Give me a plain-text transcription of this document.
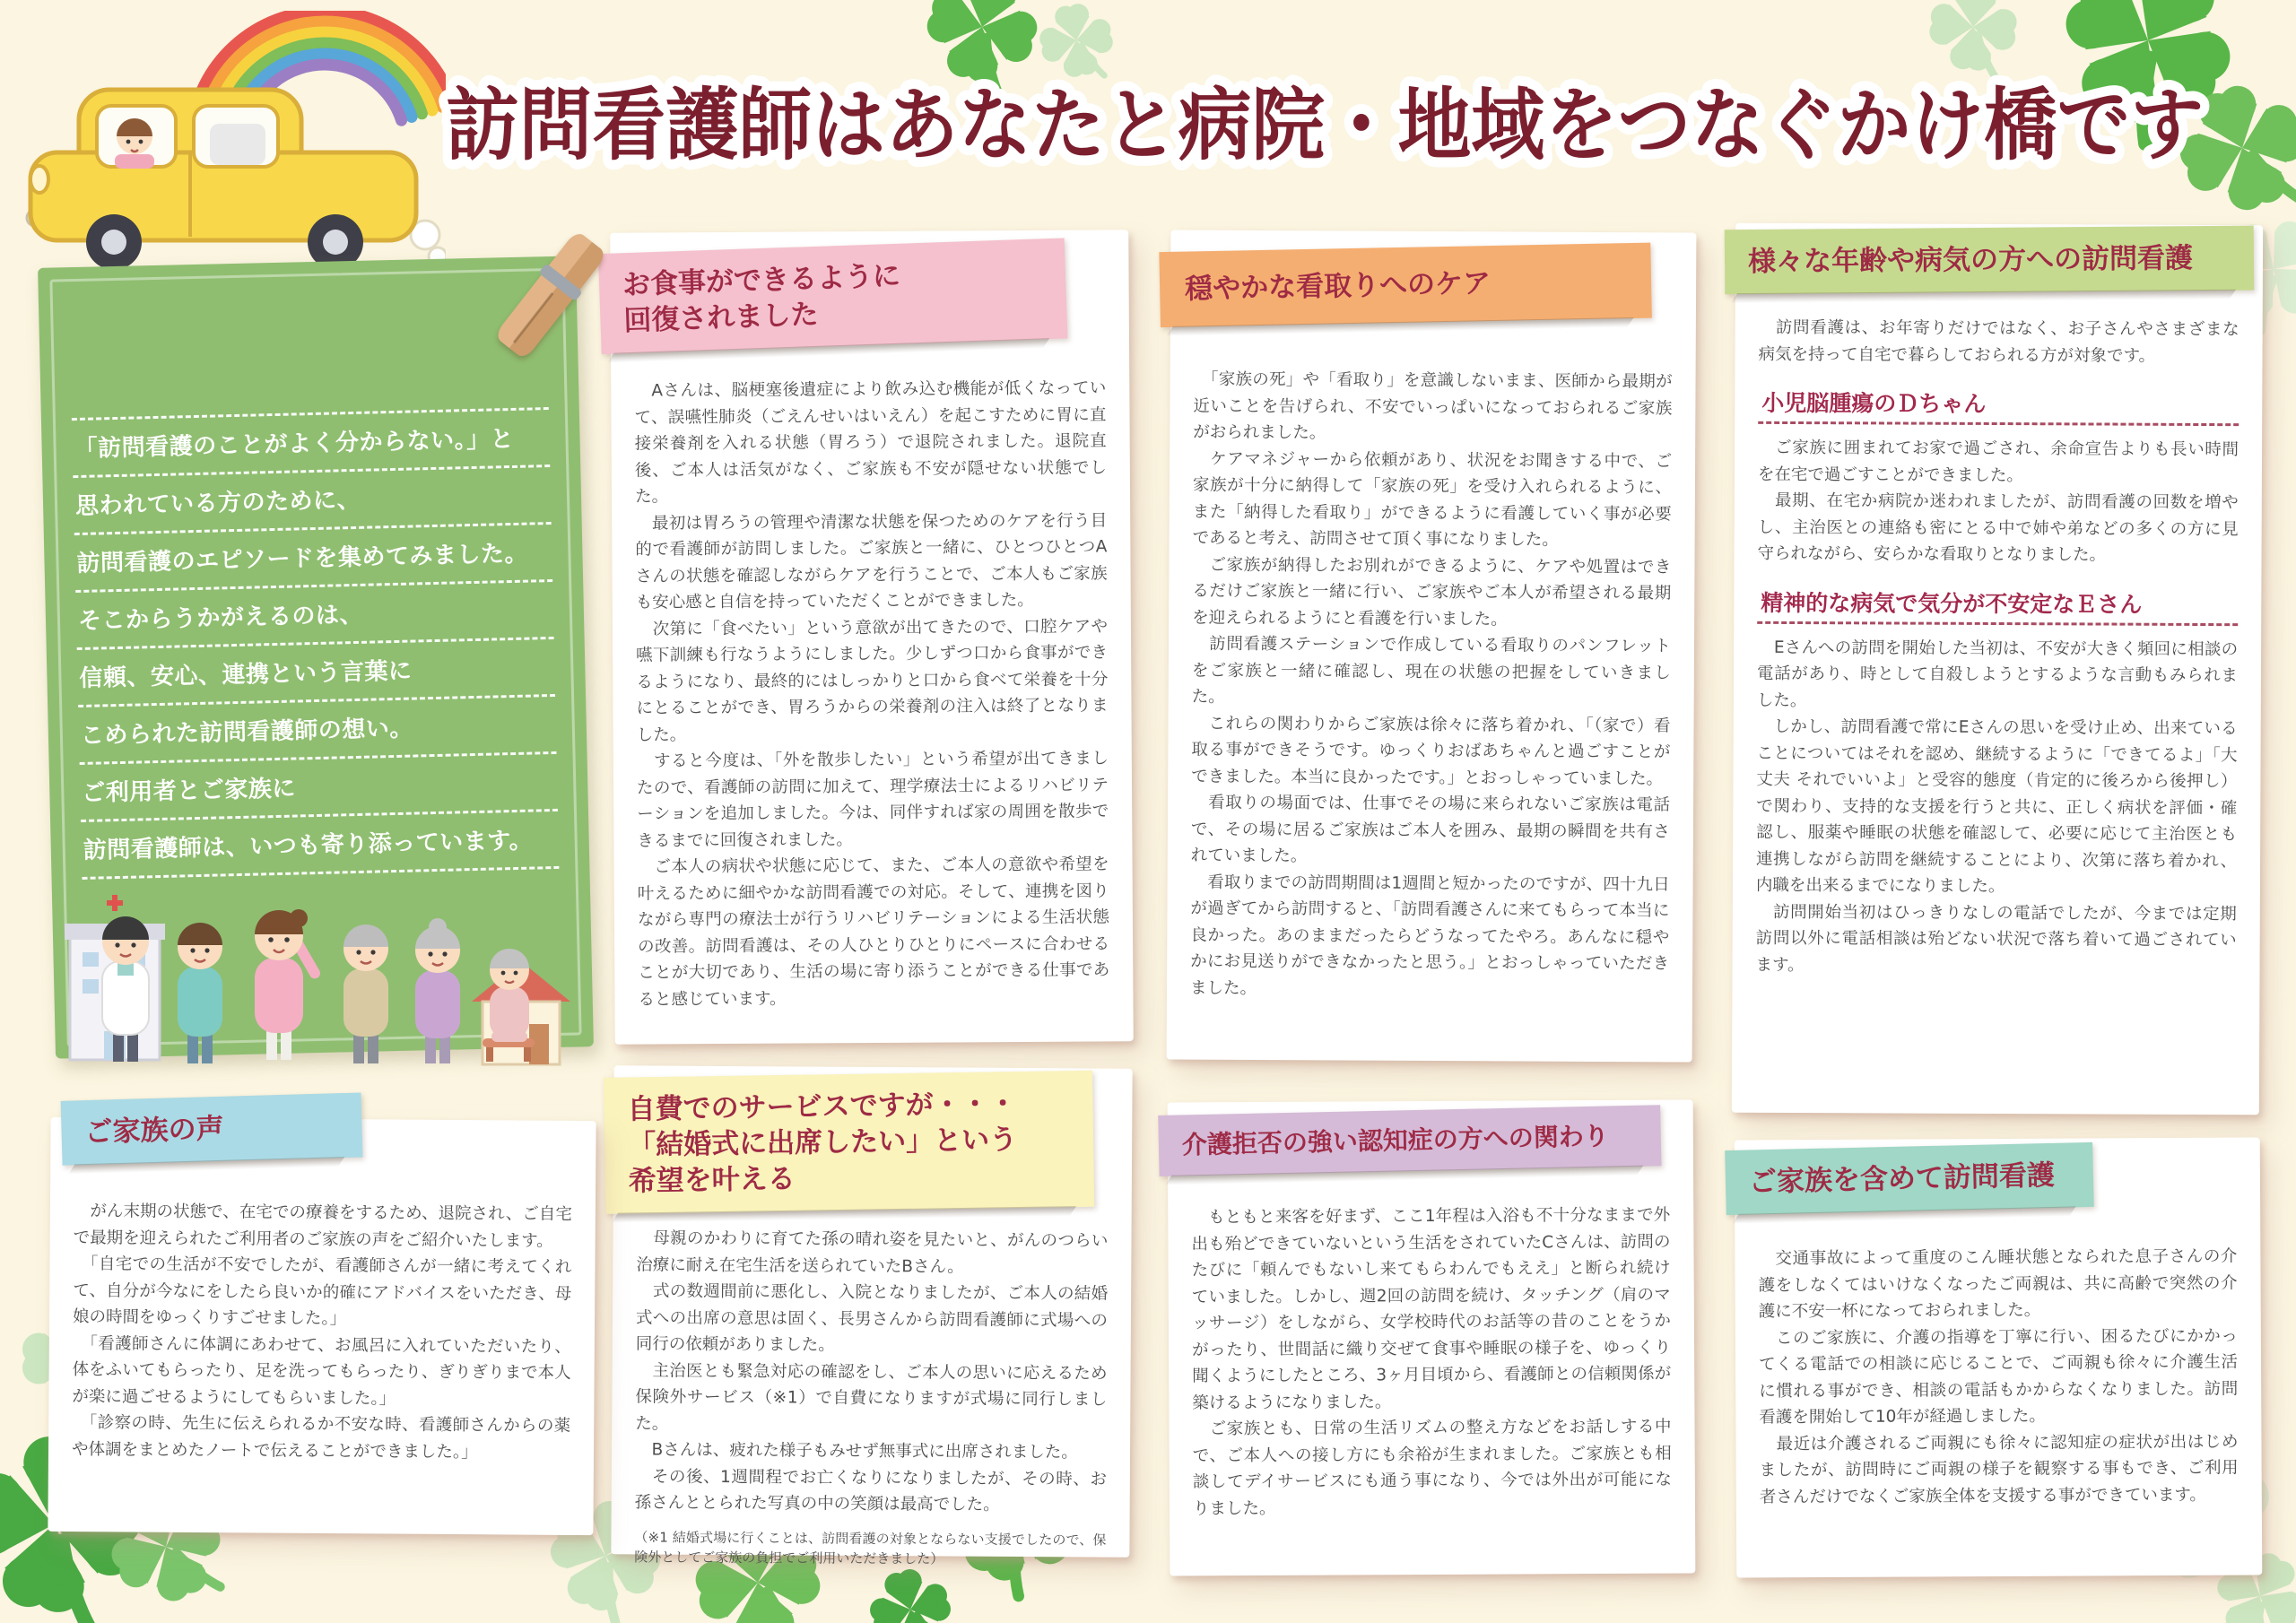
訪問看護師はあなたと病院・地域をつなぐかけ橋です
「訪問看護のことがよく分からない。」と
思われている方のために、
訪問看護のエピソードを集めてみました。
そこからうかがえるのは、
信頼、安心、連携という言葉に
こめられた訪問看護師の想い。
ご利用者とご家族に
訪問看護師は、いつも寄り添っています。
お食事ができるように
回復されました

　Aさんは、脳梗塞後遺症により飲み込む機能が低くなっていて、誤嚥性肺炎（ごえんせいはいえん）を起こすために胃に直接栄養剤を入れる状態（胃ろう）で退院されました。退院直後、ご本人は活気がなく、ご家族も不安が隠せない状態でした。

　最初は胃ろうの管理や清潔な状態を保つためのケアを行う目的で看護師が訪問しました。ご家族と一緒に、ひとつひとつAさんの状態を確認しながらケアを行うことで、ご本人もご家族も安心感と自信を持っていただくことができました。

　次第に「食べたい」という意欲が出てきたので、口腔ケアや嚥下訓練も行なうようにしました。少しずつ口から食事ができるようになり、最終的にはしっかりと口から食べて栄養を十分にとることができ、胃ろうからの栄養剤の注入は終了となりました。

　すると今度は、「外を散歩したい」という希望が出てきましたので、看護師の訪問に加えて、理学療法士によるリハビリテーションを追加しました。今は、同伴すれば家の周囲を散歩できるまでに回復されました。

　ご本人の病状や状態に応じて、また、ご本人の意欲や希望を叶えるために細やかな訪問看護での対応。そして、連携を図りながら専門の療法士が行うリハビリテーションによる生活状態の改善。訪問看護は、その人ひとりひとりにペースに合わせることが大切であり、生活の場に寄り添うことができる仕事であると感じています。

自費でのサービスですが・・・
「結婚式に出席したい」という
希望を叶える

　母親のかわりに育てた孫の晴れ姿を見たいと、がんのつらい治療に耐え在宅生活を送られていたBさん。

　式の数週間前に悪化し、入院となりましたが、ご本人の結婚式への出席の意思は固く、長男さんから訪問看護師に式場への同行の依頼がありました。

　主治医とも緊急対応の確認をし、ご本人の思いに応えるため保険外サービス（※1）で自費になりますが式場に同行しました。

　Bさんは、疲れた様子もみせず無事式に出席されました。

　その後、1週間程でお亡くなりになりましたが、その時、お孫さんととられた写真の中の笑顔は最高でした。

（※1 結婚式場に行くことは、訪問看護の対象とならない支援でしたので、保険外としてご家族の負担でご利用いただきました）

穏やかな看取りへのケア

　「家族の死」や「看取り」を意識しないまま、医師から最期が近いことを告げられ、不安でいっぱいになっておられるご家族がおられました。

　ケアマネジャーから依頼があり、状況をお聞きする中で、ご家族が十分に納得して「家族の死」を受け入れられるように、また「納得した看取り」ができるように看護していく事が必要であると考え、訪問させて頂く事になりました。

　ご家族が納得したお別れができるように、ケアや処置はできるだけご家族と一緒に行い、ご家族やご本人が希望される最期を迎えられるようにと看護を行いました。

　訪問看護ステーションで作成している看取りのパンフレットをご家族と一緒に確認し、現在の状態の把握をしていきました。

　これらの関わりからご家族は徐々に落ち着かれ、「（家で）看取る事ができそうです。ゆっくりおばあちゃんと過ごすことができました。本当に良かったです。」とおっしゃっていました。

　看取りの場面では、仕事でその場に来られないご家族は電話で、その場に居るご家族はご本人を囲み、最期の瞬間を共有されていました。

　看取りまでの訪問期間は1週間と短かったのですが、四十九日が過ぎてから訪問すると、「訪問看護さんに来てもらって本当に良かった。あのままだったらどうなってたやろ。あんなに穏やかにお見送りができなかったと思う。」とおっしゃっていただきました。

介護拒否の強い認知症の方への関わり

　もともと来客を好まず、ここ1年程は入浴も不十分なままで外出も殆どできていないという生活をされていたCさんは、訪問のたびに「頼んでもないし来てもらわんでもええ」と断られ続けていました。しかし、週2回の訪問を続け、タッチング（肩のマッサージ）をしながら、女学校時代のお話等の昔のことをうかがったり、世間話に織り交ぜて食事や睡眠の様子を、ゆっくり聞くようにしたところ、3ヶ月目頃から、看護師との信頼関係が築けるようになりました。

　ご家族とも、日常の生活リズムの整え方などをお話しする中で、ご本人への接し方にも余裕が生まれました。ご家族とも相談してデイサービスにも通う事になり、今では外出が可能になりました。

様々な年齢や病気の方への訪問看護

　訪問看護は、お年寄りだけではなく、お子さんやさまざまな病気を持って自宅で暮らしておられる方が対象です。

小児脳腫瘍のＤちゃん

　ご家族に囲まれてお家で過ごされ、余命宣告よりも長い時間を在宅で過ごすことができました。

　最期、在宅か病院か迷われましたが、訪問看護の回数を増やし、主治医との連絡も密にとる中で姉や弟などの多くの方に見守られながら、安らかな看取りとなりました。

精神的な病気で気分が不安定なＥさん

　Eさんへの訪問を開始した当初は、不安が大きく頻回に相談の電話があり、時として自殺しようとするような言動もみられました。

　しかし、訪問看護で常にEさんの思いを受け止め、出来ていることについてはそれを認め、継続するように「できてるよ」「大丈夫 それでいいよ」と受容的態度（肯定的に後ろから後押し）で関わり、支持的な支援を行うと共に、正しく病状を評価・確認し、服薬や睡眠の状態を確認して、必要に応じて主治医とも連携しながら訪問を継続することにより、次第に落ち着かれ、内職を出来るまでになりました。

　訪問開始当初はひっきりなしの電話でしたが、今までは定期訪問以外に電話相談は殆どない状況で落ち着いて過ごされています。

ご家族を含めて訪問看護

　交通事故によって重度のこん睡状態となられた息子さんの介護をしなくてはいけなくなったご両親は、共に高齢で突然の介護に不安一杯になっておられました。

　このご家族に、介護の指導を丁寧に行い、困るたびにかかってくる電話での相談に応じることで、ご両親も徐々に介護生活に慣れる事ができ、相談の電話もかからなくなりました。訪問看護を開始して10年が経過しました。

　最近は介護されるご両親にも徐々に認知症の症状が出はじめましたが、訪問時にご両親の様子を観察する事もでき、ご利用者さんだけでなくご家族全体を支援する事ができています。

ご家族の声

　がん末期の状態で、在宅での療養をするため、退院され、ご自宅で最期を迎えられたご利用者のご家族の声をご紹介いたします。

　「自宅での生活が不安でしたが、看護師さんが一緒に考えてくれて、自分が今なにをしたら良いか的確にアドバイスをいただき、母娘の時間をゆっくりすごせました。」

　「看護師さんに体調にあわせて、お風呂に入れていただいたり、体をふいてもらったり、足を洗ってもらったり、ぎりぎりまで本人が楽に過ごせるようにしてもらいました。」

　「診察の時、先生に伝えられるか不安な時、看護師さんからの薬や体調をまとめたノートで伝えることができました。」
